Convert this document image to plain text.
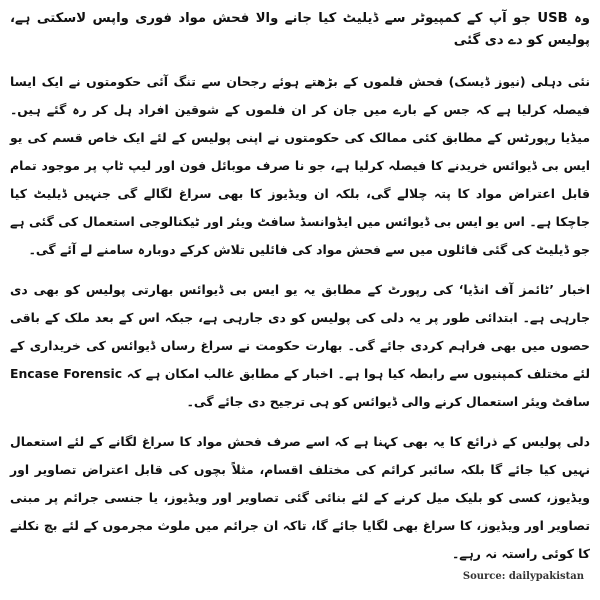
وہ USB جو آپ کے کمپیوٹر سے ڈیلیٹ کیا جانے والا فحش مواد فوری واپس لاسکتی ہے، پولیس کو دے دی گئی

نئی دہلی (نیوز ڈیسک) فحش فلموں کے بڑھتے ہوئے رجحان سے تنگ آئی حکومتوں نے ایک ایسا فیصلہ کرلیا ہے کہ جس کے بارے میں جان کر ان فلموں کے شوقین افراد ہل کر رہ گئے ہیں۔ میڈیا رپورٹس کے مطابق کئی ممالک کی حکومتوں نے اپنی پولیس کے لئے ایک خاص قسم کی یو ایس بی ڈیوائس خریدنے کا فیصلہ کرلیا ہے، جو نا صرف موبائل فون اور لیپ ٹاپ پر موجود تمام قابل اعتراض مواد کا پتہ چلالے گی، بلکہ ان ویڈیوز کا بھی سراغ لگالے گی جنہیں ڈیلیٹ کیا جاچکا ہے۔ اس یو ایس بی ڈیوائس میں ایڈوانسڈ سافٹ ویئر اور ٹیکنالوجی استعمال کی گئی ہے جو ڈیلیٹ کی گئی فائلوں میں سے فحش مواد کی فائلیں تلاش کرکے دوبارہ سامنے لے آئے گی۔

اخبار ’ٹائمز آف انڈیا‘ کی رپورٹ کے مطابق یہ یو ایس بی ڈیوائس بھارتی پولیس کو بھی دی جارہی ہے۔ ابتدائی طور پر یہ دلی کی پولیس کو دی جارہی ہے، جبکہ اس کے بعد ملک کے باقی حصوں میں بھی فراہم کردی جائے گی۔ بھارت حکومت نے سراغ رساں ڈیوائس کی خریداری کے لئے مختلف کمپنیوں سے رابطہ کیا ہوا ہے۔ اخبار کے مطابق غالب امکان ہے کہ Encase Forensic سافٹ ویئر استعمال کرنے والی ڈیوائس کو ہی ترجیح دی جائے گی۔

دلی پولیس کے ذرائع کا یہ بھی کہنا ہے کہ اسے صرف فحش مواد کا سراغ لگانے کے لئے استعمال نہیں کیا جائے گا بلکہ سائبر کرائم کی مختلف اقسام، مثلاً بچوں کی قابل اعتراض تصاویر اور ویڈیوز، کسی کو بلیک میل کرنے کے لئے بنائی گئی تصاویر اور ویڈیوز، یا جنسی جرائم پر مبنی تصاویر اور ویڈیوز، کا سراغ بھی لگایا جائے گا، تاکہ ان جرائم میں ملوث مجرموں کے لئے بچ نکلنے کا کوئی راستہ نہ رہے۔

Source: dailypakistan
